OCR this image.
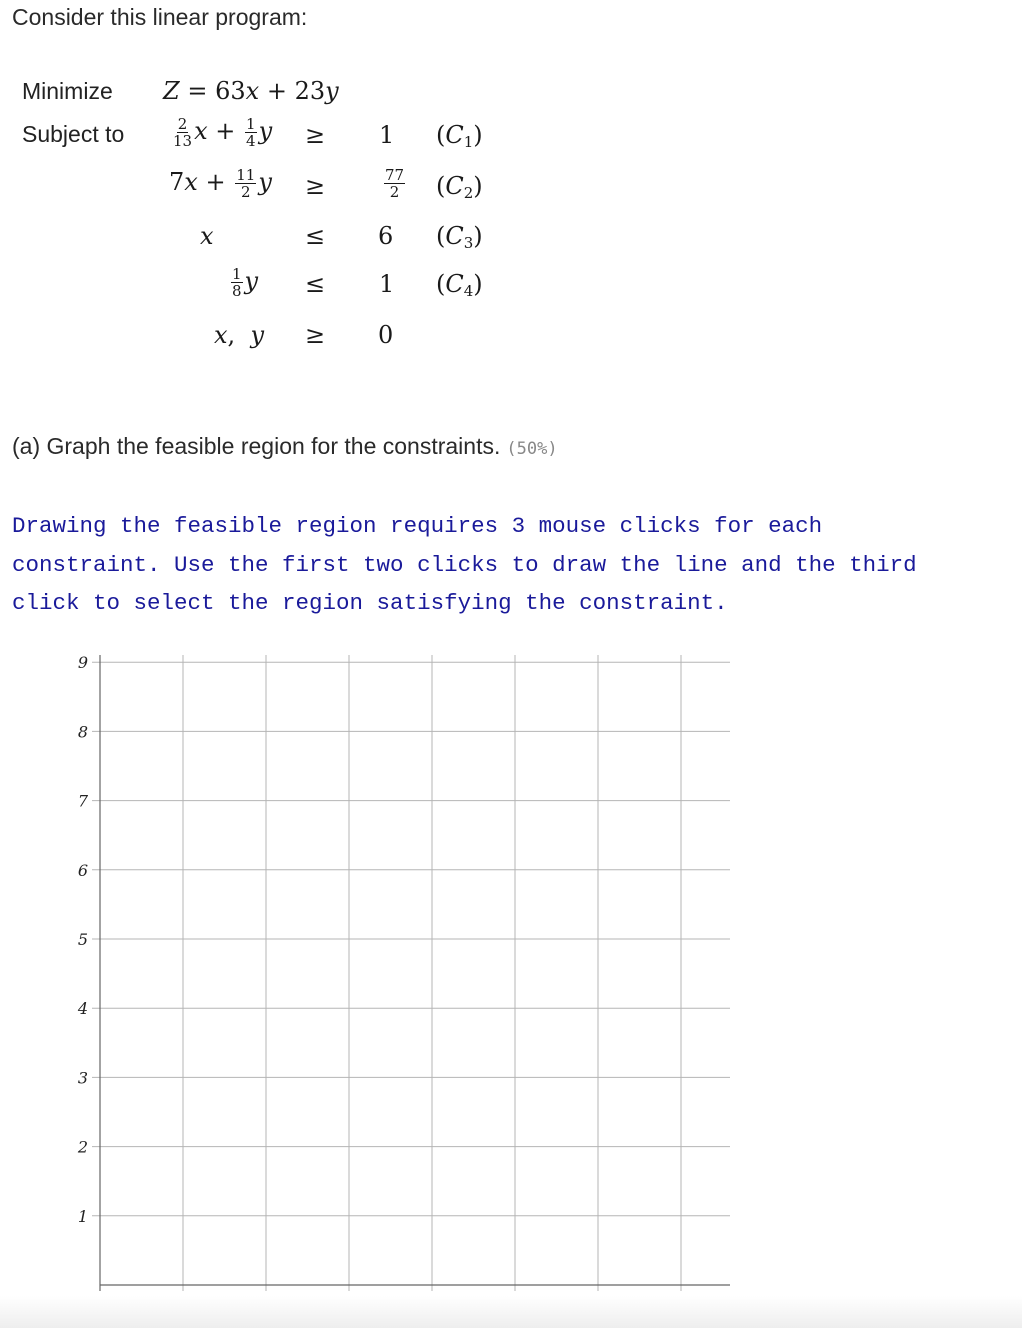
Consider this linear program:
Minimize Z = 63x + 23y
Subject to	$\frac{2}{13}$ $x + \frac{1}{4}$ y ≥ 1 $(C_1)$
$7x + \frac{11}{2}$ y ≥	$\frac{77}{2} (C_2)$
x	≤ 6 $(C_3)$
$\frac{1}{8}$ y ≤ 1 $(C_4)$
x, y ≥ 0
(a) Graph the feasible region for the constraints. (50%)
Drawing the feasible region requires 3 mouse clicks for each constraint. Use the first two clicks to draw the line and the third click to select the region satisfying the constraint.
1
2
3
4
5
6
7
8
9
